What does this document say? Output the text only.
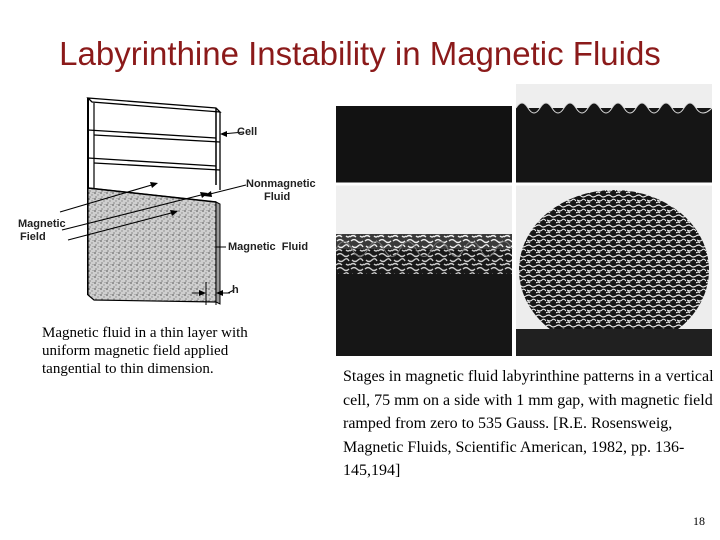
Labyrinthine Instability in Magnetic Fluids
Cell
Nonmagnetic
Fluid
Magnetic
Field
Magnetic  Fluid
h
Magnetic fluid in a thin layer with uniform magnetic field applied tangential to thin dimension.	Stages in magnetic fluid labyrinthine patterns in a vertical cell, 75 mm on a side with 1 mm gap, with magnetic field ramped from zero to 535 Gauss. [R.E. Rosensweig, Magnetic Fluids, Scientific American, 1982, pp. 136-145,194]
18
